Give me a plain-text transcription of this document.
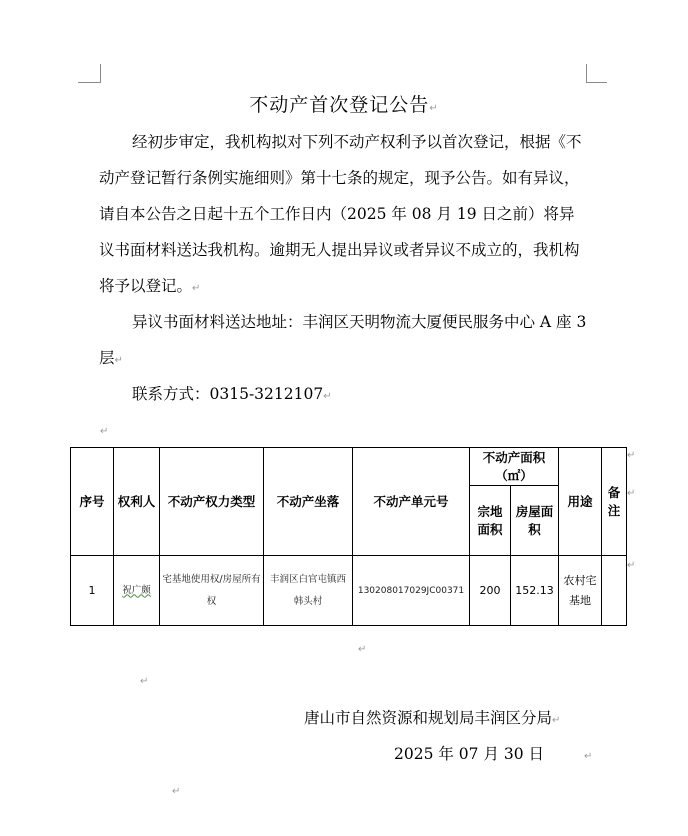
不动产首次登记公告↵
经初步审定，我机构拟对下列不动产权利予以首次登记，根据《不动产登记暂行条例实施细则》第十七条的规定，现予公告。如有异议，请自本公告之日起十五个工作日内（2025 年 08 月 19 日之前）将异议书面材料送达我机构。逾期无人提出异议或者异议不成立的，我机构将予以登记。↵
异议书面材料送达地址：丰润区天明物流大厦便民服务中心 A 座 3 层↵
联系方式：0315-3212107↵
↵
序号	权利人	不动产权力类型	不动产坐落	不动产单元号	不动产面积（㎡）		用途	备注
					宗地面积	房屋面积		
1	祝广颇	宅基地使用权/房屋所有权	丰润区白官屯镇西韩头村	130208017029JC00371	200	152.13	农村宅基地	
↵
↵
↵
↵
↵
唐山市自然资源和规划局丰润区分局↵
2025 年 07 月 30 日	↵
↵
